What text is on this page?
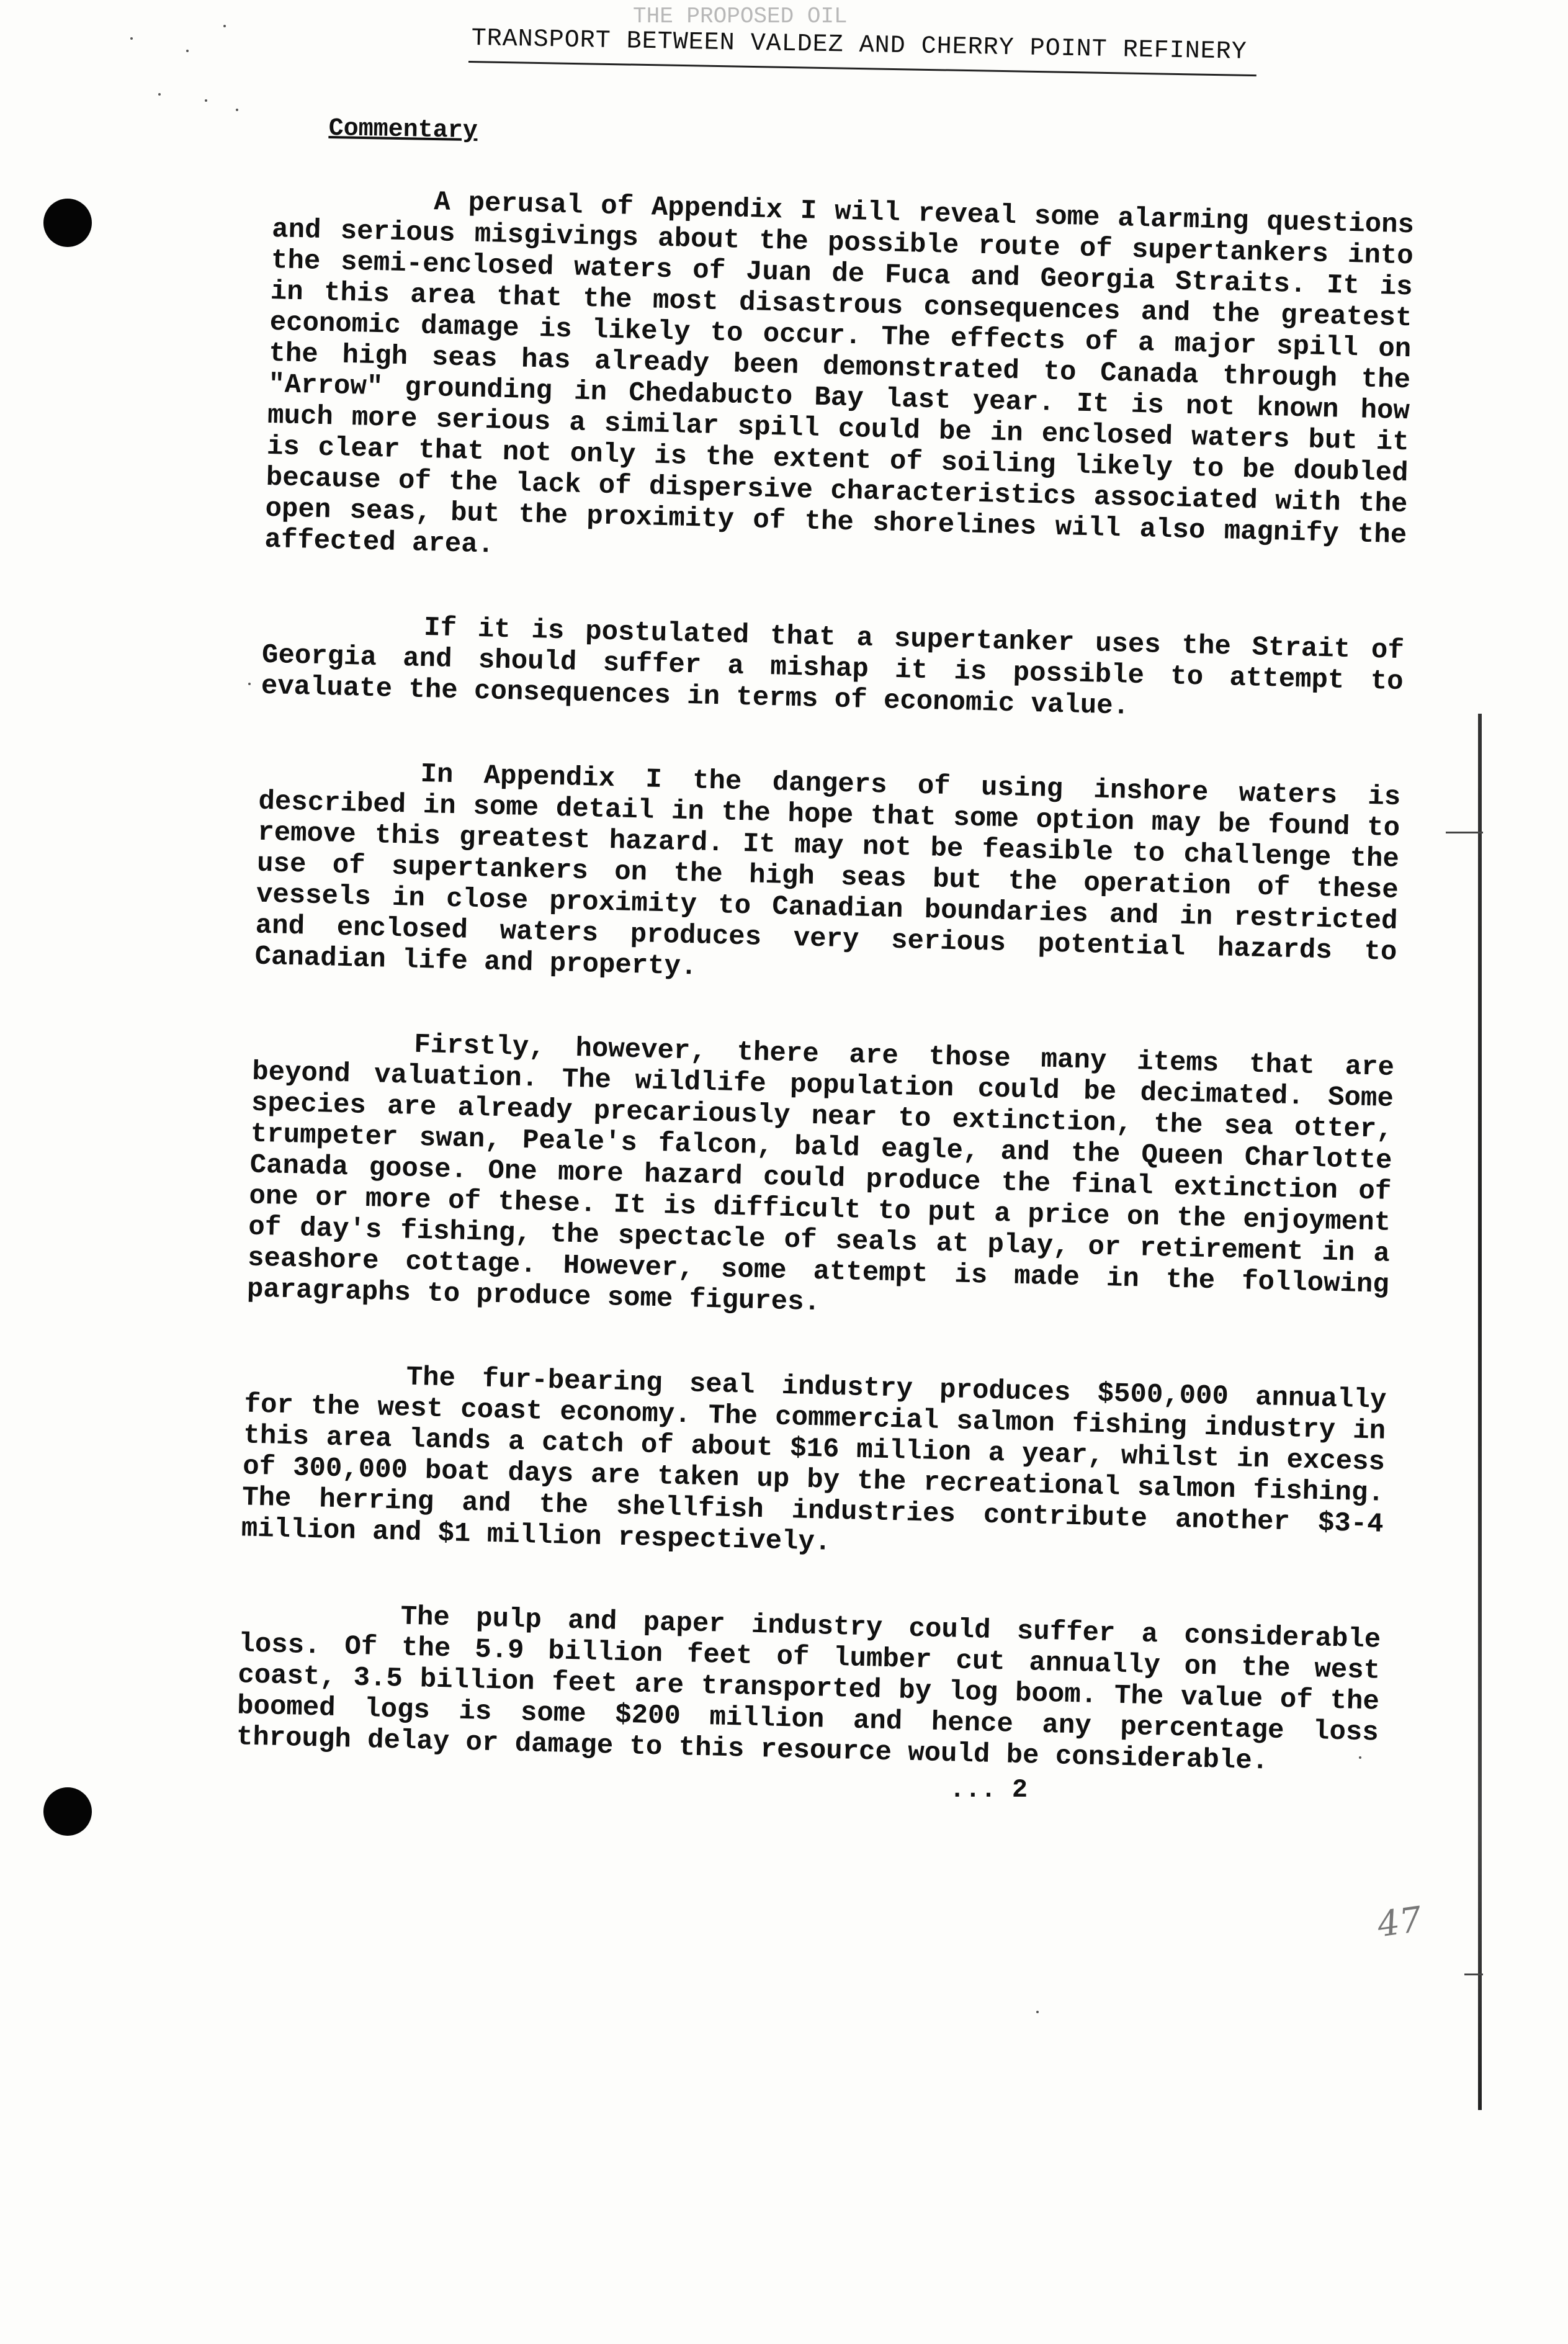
THE PROPOSED OIL
TRANSPORT BETWEEN VALDEZ AND CHERRY POINT REFINERY
Commentary

A perusal of Appendix I will reveal some alarming questions and serious misgivings about the possible route of supertankers into the semi-enclosed waters of Juan de Fuca and Georgia Straits. It is in this area that the most disastrous consequences and the greatest economic damage is likely to occur. The effects of a major spill on the high seas has already been demonstrated to Canada through the "Arrow" grounding in Chedabucto Bay last year. It is not known how much more serious a similar spill could be in enclosed waters but it is clear that not only is the extent of soiling likely to be doubled because of the lack of dispersive characteristics associated with the open seas, but the proximity of the shorelines will also magnify the affected area.

If it is postulated that a supertanker uses the Strait of Georgia and should suffer a mishap it is possible to attempt to evaluate the consequences in terms of economic value.

In Appendix I the dangers of using inshore waters is described in some detail in the hope that some option may be found to remove this greatest hazard. It may not be feasible to challenge the use of supertankers on the high seas but the operation of these vessels in close proximity to Canadian boundaries and in restricted and enclosed waters produces very serious potential hazards to Canadian life and property.

Firstly, however, there are those many items that are beyond valuation. The wildlife population could be decimated. Some species are already precariously near to extinction, the sea otter, trumpeter swan, Peale's falcon, bald eagle, and the Queen Charlotte Canada goose. One more hazard could produce the final extinction of one or more of these. It is difficult to put a price on the enjoyment of day's fishing, the spectacle of seals at play, or retirement in a seashore cottage. However, some attempt is made in the following paragraphs to produce some figures.

The fur-bearing seal industry produces $500,000 annually for the west coast economy. The commercial salmon fishing industry in this area lands a catch of about $16 million a year, whilst in excess of 300,000 boat days are taken up by the recreational salmon fishing. The herring and the shellfish industries contribute another $3-4 million and $1 million respectively.

The pulp and paper industry could suffer a considerable loss. Of the 5.9 billion feet of lumber cut annually on the west coast, 3.5 billion feet are transported by log boom. The value of the boomed logs is some $200 million and hence any percentage loss through delay or damage to this resource would be considerable.

... 2
47
